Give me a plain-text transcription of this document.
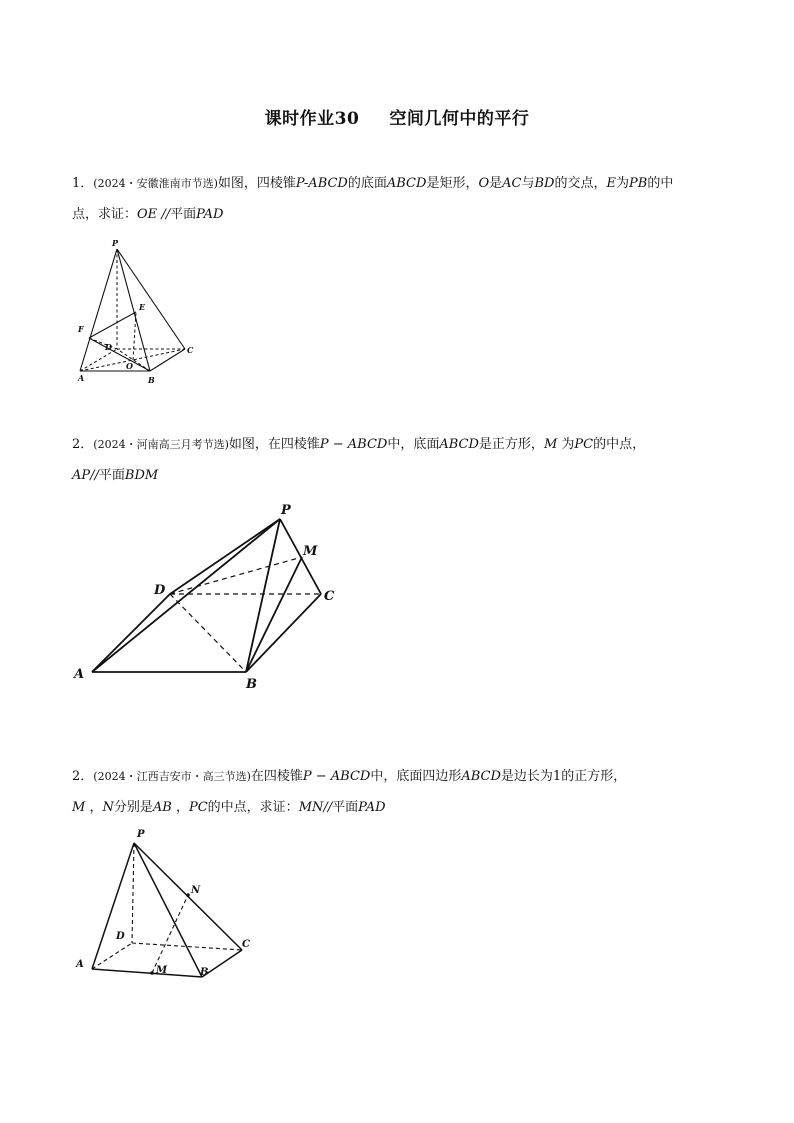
课时作业30 空间几何中的平行
1．(2024・安徽淮南市节选)如图，四棱锥P-ABCD的底面ABCD是矩形，O是AC与BD的交点，E为PB的中
点，求证：OE //平面PAD
P
E
F
D	C
O
A	B
2．(2024・河南高三月考节选)如图，在四棱锥P − ABCD中，底面ABCD是正方形，M 为PC的中点，
AP//平面BDM
P
M
D	C
A
B
2．(2024・江西吉安市・高三节选)在四棱锥P − ABCD中，底面四边形ABCD是边长为1的正方形，
M ，N分别是AB ，PC的中点，求证：MN//平面PAD
P
N
D
C
A
M	B
